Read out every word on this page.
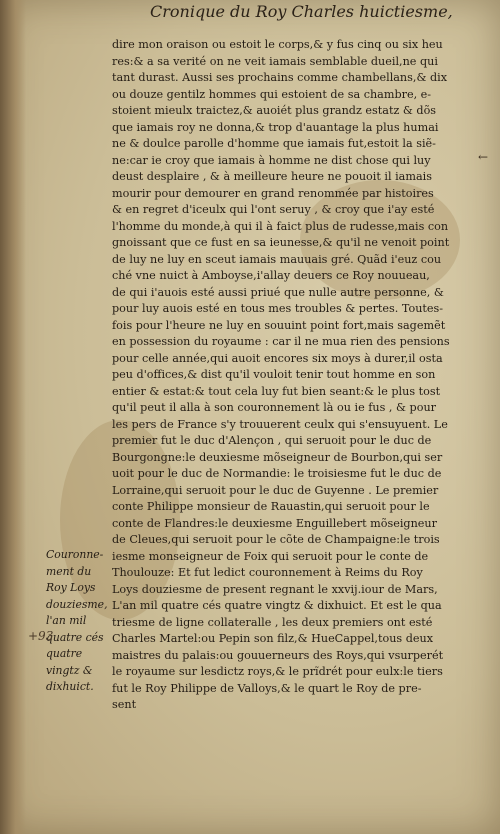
Cronique du Roy Charles huictiesme,
dire mon oraison ou estoit le corps,& y fus cinq ou six heu
res:& a sa verité on ne veit iamais semblable dueil,ne qui
tant durast. Aussi ses prochains comme chambellans,& dix
ou douze gentilz hommes qui estoient de sa chambre, e-
stoient mieulx traictez,& auoiét plus grandz estatz & dõs
que iamais roy ne donna,& trop d'auantage la plus humai
ne & doulce parolle d'homme que iamais fut,estoit la siẽ-
ne:car ie croy que iamais à homme ne dist chose qui luy
deust desplaire , & à meilleure heure ne pouoit il iamais
mourir pour demourer en grand renommée par histoires
& en regret d'iceulx qui l'ont seruy , & croy que i'ay esté
l'homme du monde,à qui il à faict plus de rudesse,mais con
gnoissant que ce fust en sa ieunesse,& qu'il ne venoit point
de luy ne luy en sceut iamais mauuais gré. Quãd i'euz cou
ché vne nuict à Amboyse,i'allay deuers ce Roy nouueau,
de qui i'auois esté aussi priué que nulle autre personne, &
pour luy auois esté en tous mes troubles & pertes. Toutes-
fois pour l'heure ne luy en souuint point fort,mais sagemẽt
en possession du royaume : car il ne mua rien des pensions
pour celle année,qui auoit encores six moys à durer,il osta
peu d'offices,& dist qu'il vouloit tenir tout homme en son
entier & estat:& tout cela luy fut bien seant:& le plus tost
qu'il peut il alla à son couronnement là ou ie fus , & pour
les pers de France s'y trouuerent ceulx qui s'ensuyuent. Le
premier fut le duc d'Alençon , qui seruoit pour le duc de
Bourgongne:le deuxiesme mõseigneur de Bourbon,qui ser
uoit pour le duc de Normandie: le troisiesme fut le duc de
Lorraine,qui seruoit pour le duc de Guyenne . Le premier
conte Philippe monsieur de Rauastin,qui seruoit pour le
conte de Flandres:le deuxiesme Enguillebert mõseigneur
de Cleues,qui seruoit pour le cõte de Champaigne:le trois
iesme monseigneur de Foix qui seruoit pour le conte de
Thoulouze: Et fut ledict couronnement à Reims du Roy
Loys douziesme de present regnant le xxvij.iour de Mars,
L'an mil quatre cés quatre vingtz & dixhuict. Et est le qua
triesme de ligne collateralle , les deux premiers ont esté
Charles Martel:ou Pepin son filz,& HueCappel,tous deux
maistres du palais:ou gouuerneurs des Roys,qui vsurperét
le royaume sur lesdictz roys,& le prĩdrét pour eulx:le tiers
fut le Roy Philippe de Valloys,& le quart le Roy de pre-
sent
Couronne-
ment du
Roy Loys
douziesme,
l'an mil
quatre cés
quatre
vingtz &
dixhuict.
+93
←
